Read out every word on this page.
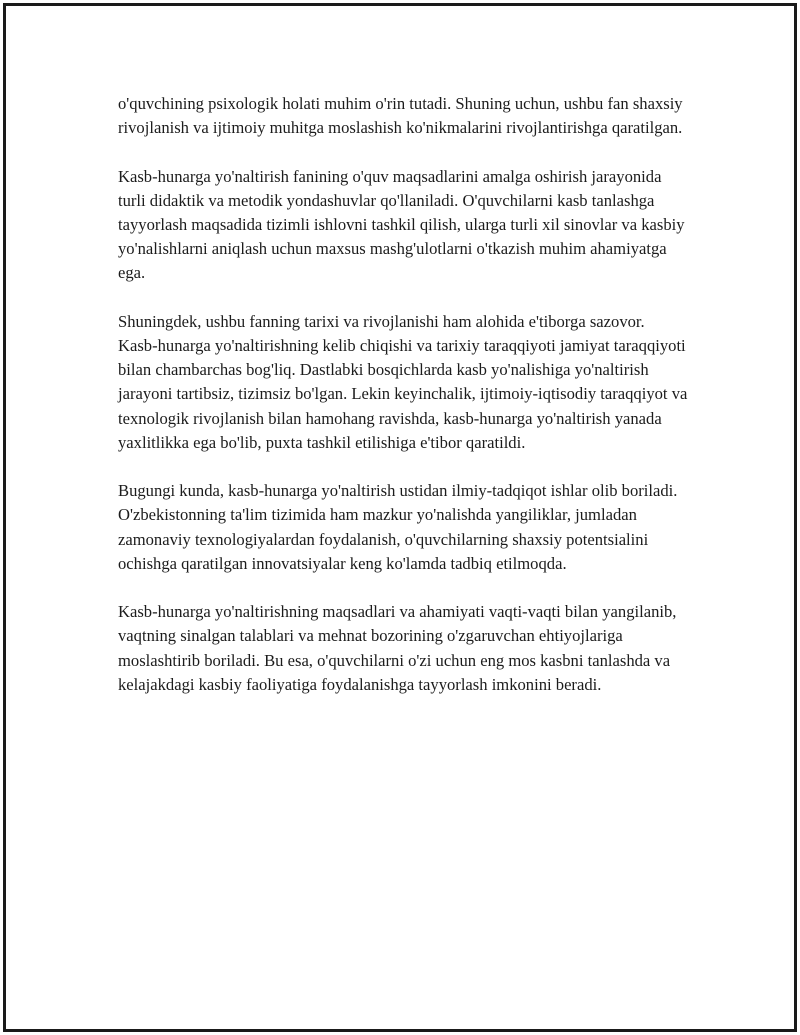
o'quvchining psixologik holati muhim o'rin tutadi. Shuning uchun, ushbu fan shaxsiy rivojlanish va ijtimoiy muhitga moslashish ko'nikmalarini rivojlantirishga qaratilgan.

Kasb-hunarga yo'naltirish fanining o'quv maqsadlarini amalga oshirish jarayonida turli didaktik va metodik yondashuvlar qo'llaniladi. O'quvchilarni kasb tanlashga tayyorlash maqsadida tizimli ishlovni tashkil qilish, ularga turli xil sinovlar va kasbiy yo'nalishlarni aniqlash uchun maxsus mashg'ulotlarni o'tkazish muhim ahamiyatga ega.

Shuningdek, ushbu fanning tarixi va rivojlanishi ham alohida e'tiborga sazovor. Kasb-hunarga yo'naltirishning kelib chiqishi va tarixiy taraqqiyoti jamiyat taraqqiyoti bilan chambarchas bog'liq. Dastlabki bosqichlarda kasb yo'nalishiga yo'naltirish jarayoni tartibsiz, tizimsiz bo'lgan. Lekin keyinchalik, ijtimoiy-iqtisodiy taraqqiyot va texnologik rivojlanish bilan hamohang ravishda, kasb-hunarga yo'naltirish yanada yaxlitlikka ega bo'lib, puxta tashkil etilishiga e'tibor qaratildi.

Bugungi kunda, kasb-hunarga yo'naltirish ustidan ilmiy-tadqiqot ishlar olib boriladi. O'zbekistonning ta'lim tizimida ham mazkur yo'nalishda yangiliklar, jumladan zamonaviy texnologiyalardan foydalanish, o'quvchilarning shaxsiy potentsialini ochishga qaratilgan innovatsiyalar keng ko'lamda tadbiq etilmoqda.

Kasb-hunarga yo'naltirishning maqsadlari va ahamiyati vaqti-vaqti bilan yangilanib, vaqtning sinalgan talablari va mehnat bozorining o'zgaruvchan ehtiyojlariga moslashtirib boriladi. Bu esa, o'quvchilarni o'zi uchun eng mos kasbni tanlashda va kelajakdagi kasbiy faoliyatiga foydalanishga tayyorlash imkonini beradi.
